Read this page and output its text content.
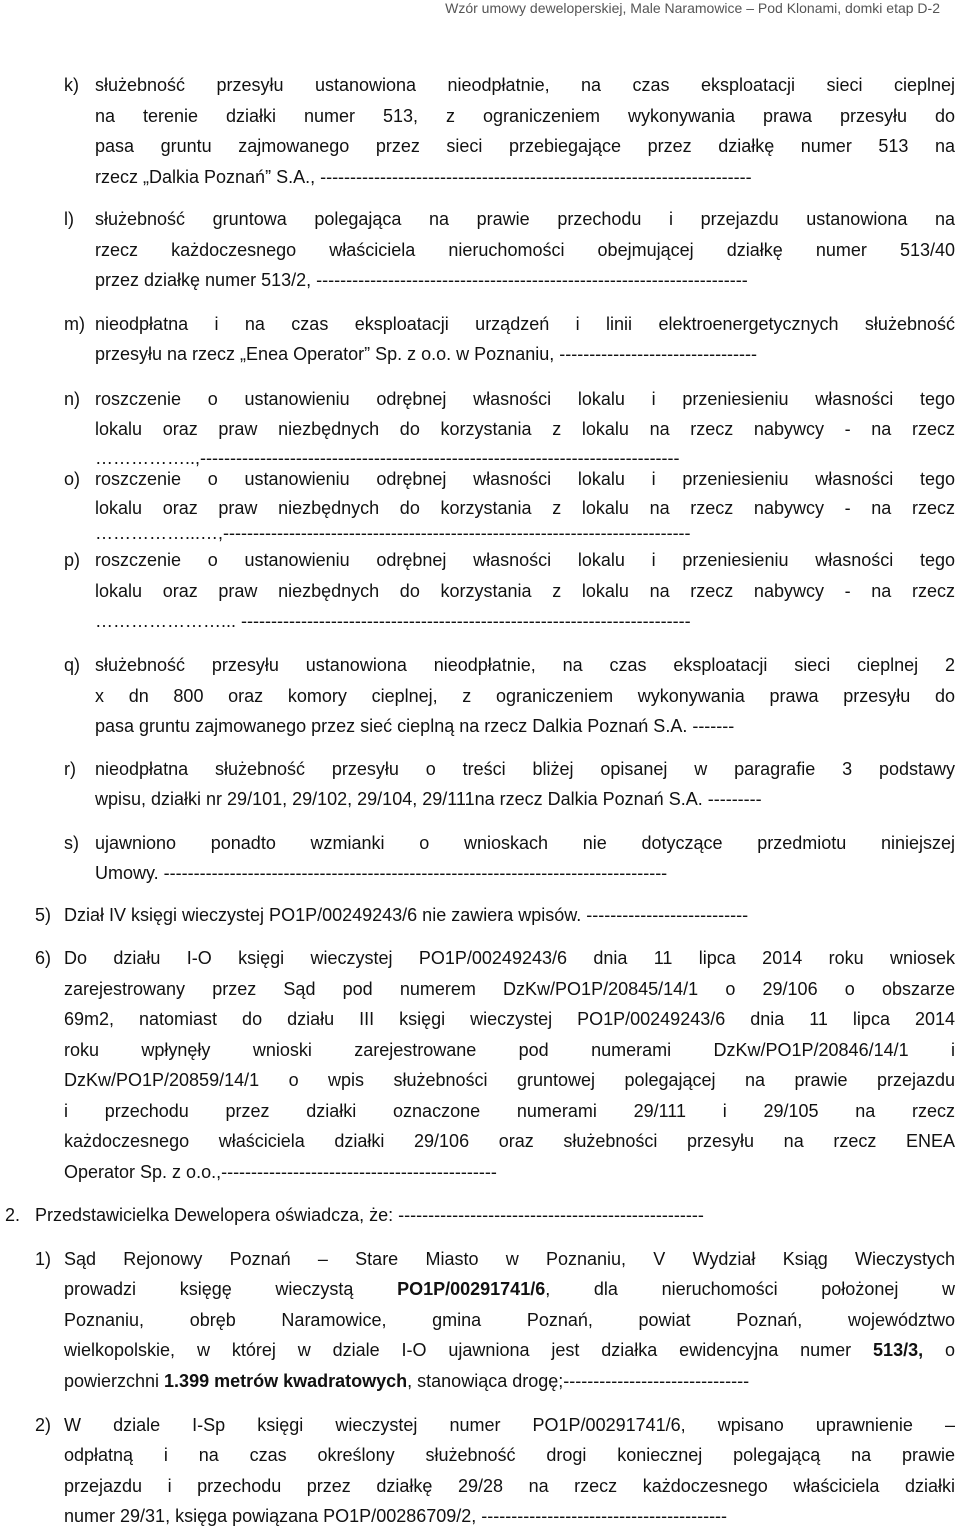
Wzór umowy deweloperskiej, Male Naramowice – Pod Klonami, domki etap D-2
k) służebność przesyłu ustanowiona nieodpłatnie, na czas eksploatacji sieci cieplnej
na terenie działki numer 513, z ograniczeniem wykonywania prawa przesyłu do
pasa gruntu zajmowanego przez sieci przebiegające przez działkę numer 513 na
rzecz „Dalkia Poznań” S.A., ------------------------------------------------------------------------
l) służebność gruntowa polegająca na prawie przechodu i przejazdu ustanowiona na
rzecz każdoczesnego właściciela nieruchomości obejmującej działkę numer 513/40
przez działkę numer 513/2, ------------------------------------------------------------------------
m) nieodpłatna i na czas eksploatacji urządzeń i linii elektroenergetycznych służebność
przesyłu na rzecz „Enea Operator” Sp. z o.o. w Poznaniu, ---------------------------------
n) roszczenie o ustanowieniu odrębnej własności lokalu i przeniesieniu własności tego
lokalu oraz praw niezbędnych do korzystania z lokalu na rzecz nabywcy - na rzecz
……………..,--------------------------------------------------------------------------------
o) roszczenie o ustanowieniu odrębnej własności lokalu i przeniesieniu własności tego
lokalu oraz praw niezbędnych do korzystania z lokalu na rzecz nabywcy - na rzecz
……………...…,------------------------------------------------------------------------------
p) roszczenie o ustanowieniu odrębnej własności lokalu i przeniesieniu własności tego
lokalu oraz praw niezbędnych do korzystania z lokalu na rzecz nabywcy - na rzecz
…………………... ---------------------------------------------------------------------------
q) służebność przesyłu ustanowiona nieodpłatnie, na czas eksploatacji sieci cieplnej 2
x dn 800 oraz komory cieplnej, z ograniczeniem wykonywania prawa przesyłu do
pasa gruntu zajmowanego przez sieć cieplną na rzecz Dalkia Poznań S.A. -------
r) nieodpłatna służebność przesyłu o treści bliżej opisanej w paragrafie 3 podstawy
wpisu, działki nr 29/101, 29/102, 29/104, 29/111na rzecz Dalkia Poznań S.A. ---------
s) ujawniono ponadto wzmianki o wnioskach nie dotyczące przedmiotu niniejszej
Umowy. ------------------------------------------------------------------------------------
5) Dział IV księgi wieczystej PO1P/00249243/6 nie zawiera wpisów. ---------------------------
6) Do działu I-O księgi wieczystej PO1P/00249243/6 dnia 11 lipca 2014 roku wniosek
zarejestrowany przez Sąd pod numerem DzKw/PO1P/20845/14/1 o 29/106 o obszarze
69m2, natomiast do działu III księgi wieczystej PO1P/00249243/6 dnia 11 lipca 2014
roku wpłynęły wnioski zarejestrowane pod numerami DzKw/PO1P/20846/14/1 i
DzKw/PO1P/20859/14/1 o wpis służebności gruntowej polegającej na prawie przejazdu
i przechodu przez działki oznaczone numerami 29/111 i 29/105 na rzecz
każdoczesnego właściciela działki 29/106 oraz służebności przesyłu na rzecz ENEA
Operator Sp. z o.o.,----------------------------------------------
2. Przedstawicielka Dewelopera oświadcza, że: ---------------------------------------------------
1) Sąd Rejonowy Poznań – Stare Miasto w Poznaniu, V Wydział Ksiąg Wieczystych
prowadzi księgę wieczystą PO1P/00291741/6, dla nieruchomości położonej w
Poznaniu, obręb Naramowice, gmina Poznań, powiat Poznań, województwo
wielkopolskie, w której w dziale I-O ujawniona jest działka ewidencyjna numer 513/3, o
powierzchni 1.399 metrów kwadratowych, stanowiąca drogę;-------------------------------
2) W dziale I-Sp księgi wieczystej numer PO1P/00291741/6, wpisano uprawnienie –
odpłatną i na czas określony służebność drogi koniecznej polegającą na prawie
przejazdu i przechodu przez działkę 29/28 na rzecz każdoczesnego właściciela działki
numer 29/31, księga powiązana PO1P/00286709/2, -----------------------------------------
